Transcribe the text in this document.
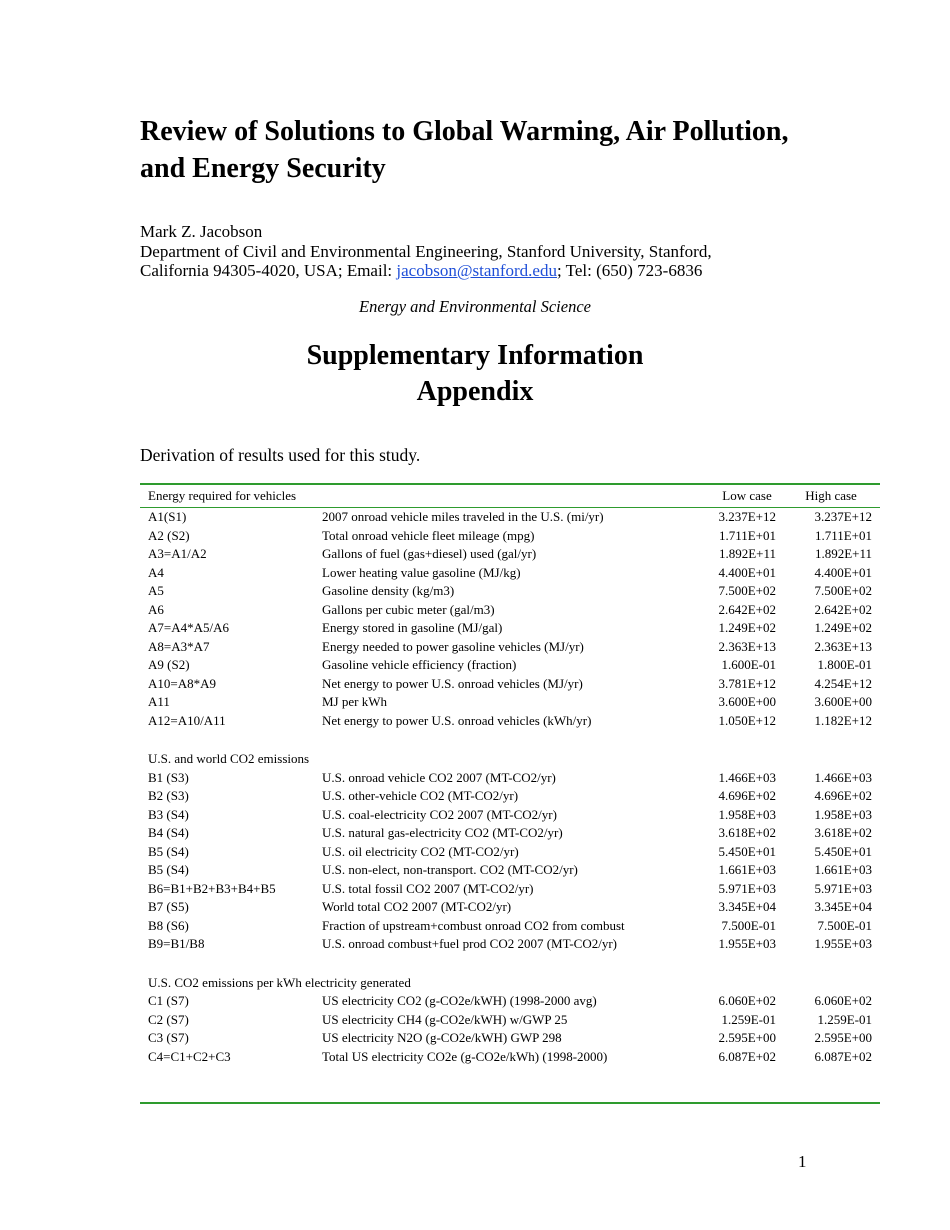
Review of Solutions to Global Warming, Air Pollution, and Energy Security
Mark Z. Jacobson
Department of Civil and Environmental Engineering, Stanford University, Stanford,
California 94305-4020, USA; Email: jacobson@stanford.edu; Tel: (650) 723-6836
Energy and Environmental Science
Supplementary Information
Appendix
Derivation of results used for this study.
Energy required for vehicles		Low case	High case
A1(S1)	2007 onroad vehicle miles traveled in the U.S. (mi/yr)	3.237E+12	3.237E+12
A2 (S2)	Total onroad vehicle fleet mileage (mpg)	1.711E+01	1.711E+01
A3=A1/A2	Gallons of fuel (gas+diesel) used (gal/yr)	1.892E+11	1.892E+11
A4	Lower heating value gasoline (MJ/kg)	4.400E+01	4.400E+01
A5	Gasoline density (kg/m3)	7.500E+02	7.500E+02
A6	Gallons per cubic meter (gal/m3)	2.642E+02	2.642E+02
A7=A4*A5/A6	Energy stored in gasoline (MJ/gal)	1.249E+02	1.249E+02
A8=A3*A7	Energy needed to power gasoline vehicles (MJ/yr)	2.363E+13	2.363E+13
A9 (S2)	Gasoline vehicle efficiency (fraction)	1.600E-01	1.800E-01
A10=A8*A9	Net energy to power U.S. onroad vehicles (MJ/yr)	3.781E+12	4.254E+12
A11	MJ per kWh	3.600E+00	3.600E+00
A12=A10/A11	Net energy to power U.S. onroad vehicles (kWh/yr)	1.050E+12	1.182E+12

U.S. and world CO2 emissions			
B1 (S3)	U.S. onroad vehicle CO2 2007 (MT-CO2/yr)	1.466E+03	1.466E+03
B2 (S3)	U.S. other-vehicle CO2 (MT-CO2/yr)	4.696E+02	4.696E+02
B3 (S4)	U.S. coal-electricity CO2 2007 (MT-CO2/yr)	1.958E+03	1.958E+03
B4 (S4)	U.S. natural gas-electricity CO2 (MT-CO2/yr)	3.618E+02	3.618E+02
B5 (S4)	U.S. oil electricity CO2 (MT-CO2/yr)	5.450E+01	5.450E+01
B5 (S4)	U.S. non-elect, non-transport. CO2 (MT-CO2/yr)	1.661E+03	1.661E+03
B6=B1+B2+B3+B4+B5	U.S. total fossil CO2 2007 (MT-CO2/yr)	5.971E+03	5.971E+03
B7 (S5)	World total CO2 2007 (MT-CO2/yr)	3.345E+04	3.345E+04
B8 (S6)	Fraction of upstream+combust onroad CO2 from combust	7.500E-01	7.500E-01
B9=B1/B8	U.S. onroad combust+fuel prod CO2 2007 (MT-CO2/yr)	1.955E+03	1.955E+03

U.S. CO2 emissions per kWh electricity generated			
C1 (S7)	US electricity CO2 (g-CO2e/kWH) (1998-2000 avg)	6.060E+02	6.060E+02
C2 (S7)	US electricity CH4 (g-CO2e/kWH) w/GWP 25	1.259E-01	1.259E-01
C3 (S7)	US electricity N2O (g-CO2e/kWH) GWP 298	2.595E+00	2.595E+00
C4=C1+C2+C3	Total US electricity CO2e (g-CO2e/kWh) (1998-2000)	6.087E+02	6.087E+02
1
